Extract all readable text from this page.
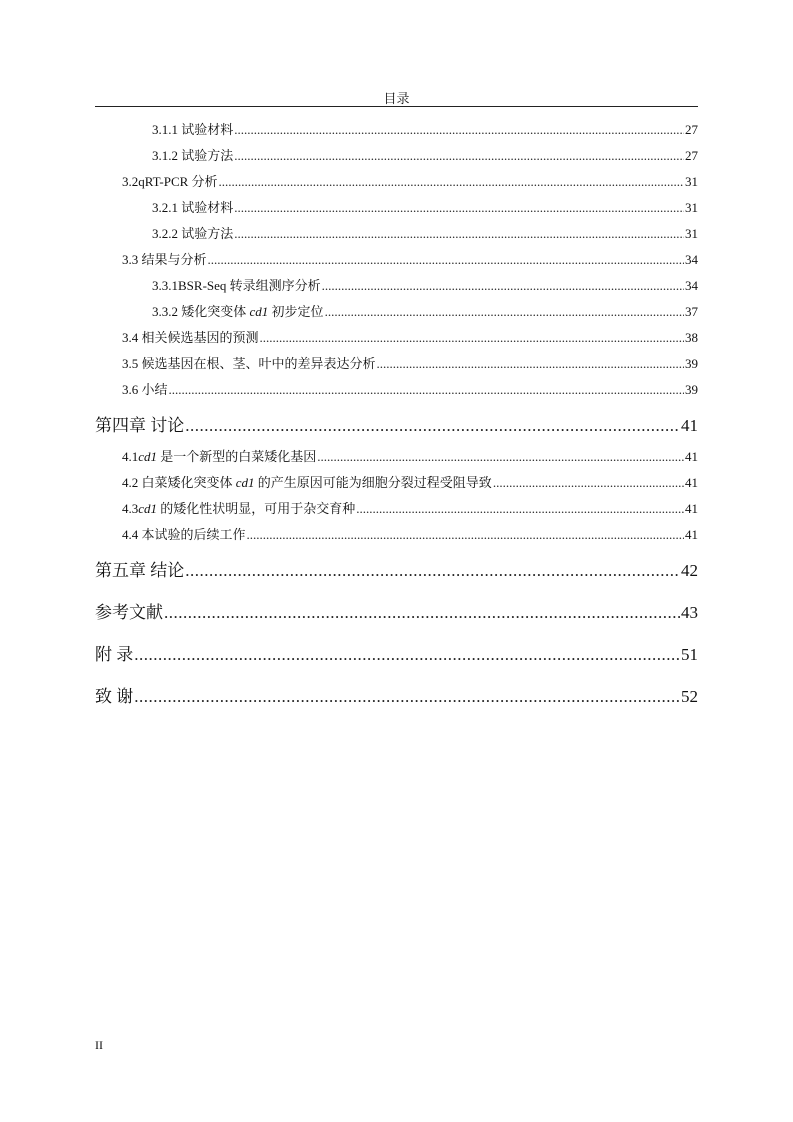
目录
3.1.1 试验材料 .....	27
3.1.2 试验方法 .....	27
3.2qRT-PCR 分析 .....	31
3.2.1 试验材料 .....	31
3.2.2 试验方法 .....	31
3.3 结果与分析 .....	34
3.3.1BSR-Seq 转录组测序分析 .....	34
3.3.2 矮化突变体 cd1 初步定位 .....	37
3.4 相关候选基因的预测 .....	38
3.5 候选基因在根、茎、叶中的差异表达分析 .....	39
3.6 小结 .....	39
第四章 讨论 .....	41
4.1cd1 是一个新型的白菜矮化基因 .....	41
4.2 白菜矮化突变体 cd1 的产生原因可能为细胞分裂过程受阻导致 .....	41
4.3cd1 的矮化性状明显，可用于杂交育种 .....	41
4.4 本试验的后续工作 .....	41
第五章 结论 .....	42
参考文献 .....	43
附 录 .....	51
致 谢 .....	52
II
